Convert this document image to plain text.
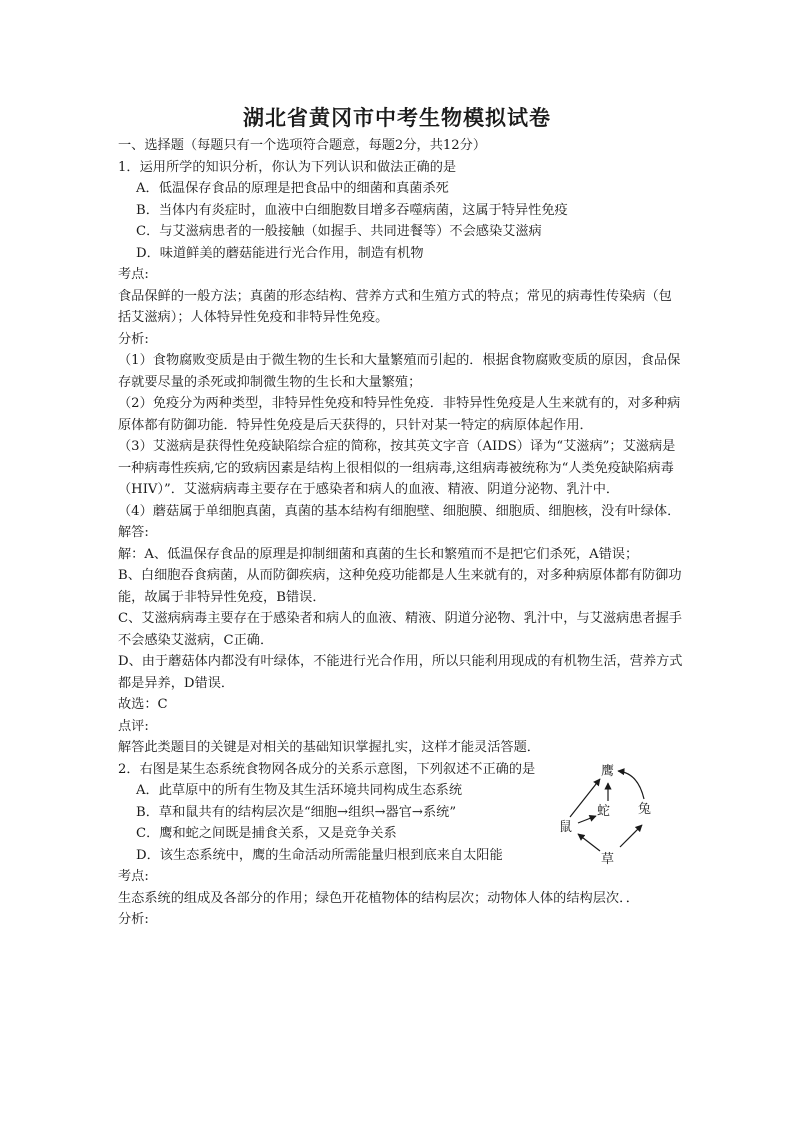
湖北省黄冈市中考生物模拟试卷

一、选择题（每题只有一个选项符合题意，每题2分，共12分）

1．运用所学的知识分析，你认为下列认识和做法正确的是

A．低温保存食品的原理是把食品中的细菌和真菌杀死

B．当体内有炎症时，血液中白细胞数目增多吞噬病菌，这属于特异性免疫

C．与艾滋病患者的一般接触（如握手、共同进餐等）不会感染艾滋病

D．味道鲜美的蘑菇能进行光合作用，制造有机物

考点:

食品保鲜的一般方法；真菌的形态结构、营养方式和生殖方式的特点；常见的病毒性传染病（包括艾滋病）；人体特异性免疫和非特异性免疫。

分析:

（1）食物腐败变质是由于微生物的生长和大量繁殖而引起的．根据食物腐败变质的原因，食品保存就要尽量的杀死或抑制微生物的生长和大量繁殖；

（2）免疫分为两种类型，非特异性免疫和特异性免疫．非特异性免疫是人生来就有的，对多种病原体都有防御功能．特异性免疫是后天获得的，只针对某一特定的病原体起作用．

（3）艾滋病是获得性免疫缺陷综合症的简称，按其英文字音（AIDS）译为“艾滋病”；艾滋病是一种病毒性疾病,它的致病因素是结构上很相似的一组病毒,这组病毒被统称为“人类免疫缺陷病毒（HIV）”．艾滋病病毒主要存在于感染者和病人的血液、精液、阴道分泌物、乳汁中．

（4）蘑菇属于单细胞真菌，真菌的基本结构有细胞壁、细胞膜、细胞质、细胞核，没有叶绿体．

解答:

解：A、低温保存食品的原理是抑制细菌和真菌的生长和繁殖而不是把它们杀死，A错误；

B、白细胞吞食病菌，从而防御疾病，这种免疫功能都是人生来就有的，对多种病原体都有防御功能，故属于非特异性免疫，B错误．

C、艾滋病病毒主要存在于感染者和病人的血液、精液、阴道分泌物、乳汁中，与艾滋病患者握手不会感染艾滋病，C正确．

D、由于蘑菇体内都没有叶绿体，不能进行光合作用，所以只能利用现成的有机物生活，营养方式都是异养，D错误．

故选：C

点评:

解答此类题目的关键是对相关的基础知识掌握扎实，这样才能灵活答题．

2．右图是某生态系统食物网各成分的关系示意图，下列叙述不正确的是

A．此草原中的所有生物及其生活环境共同构成生态系统

B．草和鼠共有的结构层次是“细胞→组织→器官→系统”

C．鹰和蛇之间既是捕食关系，又是竞争关系

D．该生态系统中，鹰的生命活动所需能量归根到底来自太阳能

鹰
蛇 兔
鼠
草

考点:

生态系统的组成及各部分的作用；绿色开花植物体的结构层次；动物体人体的结构层次．．

分析:
